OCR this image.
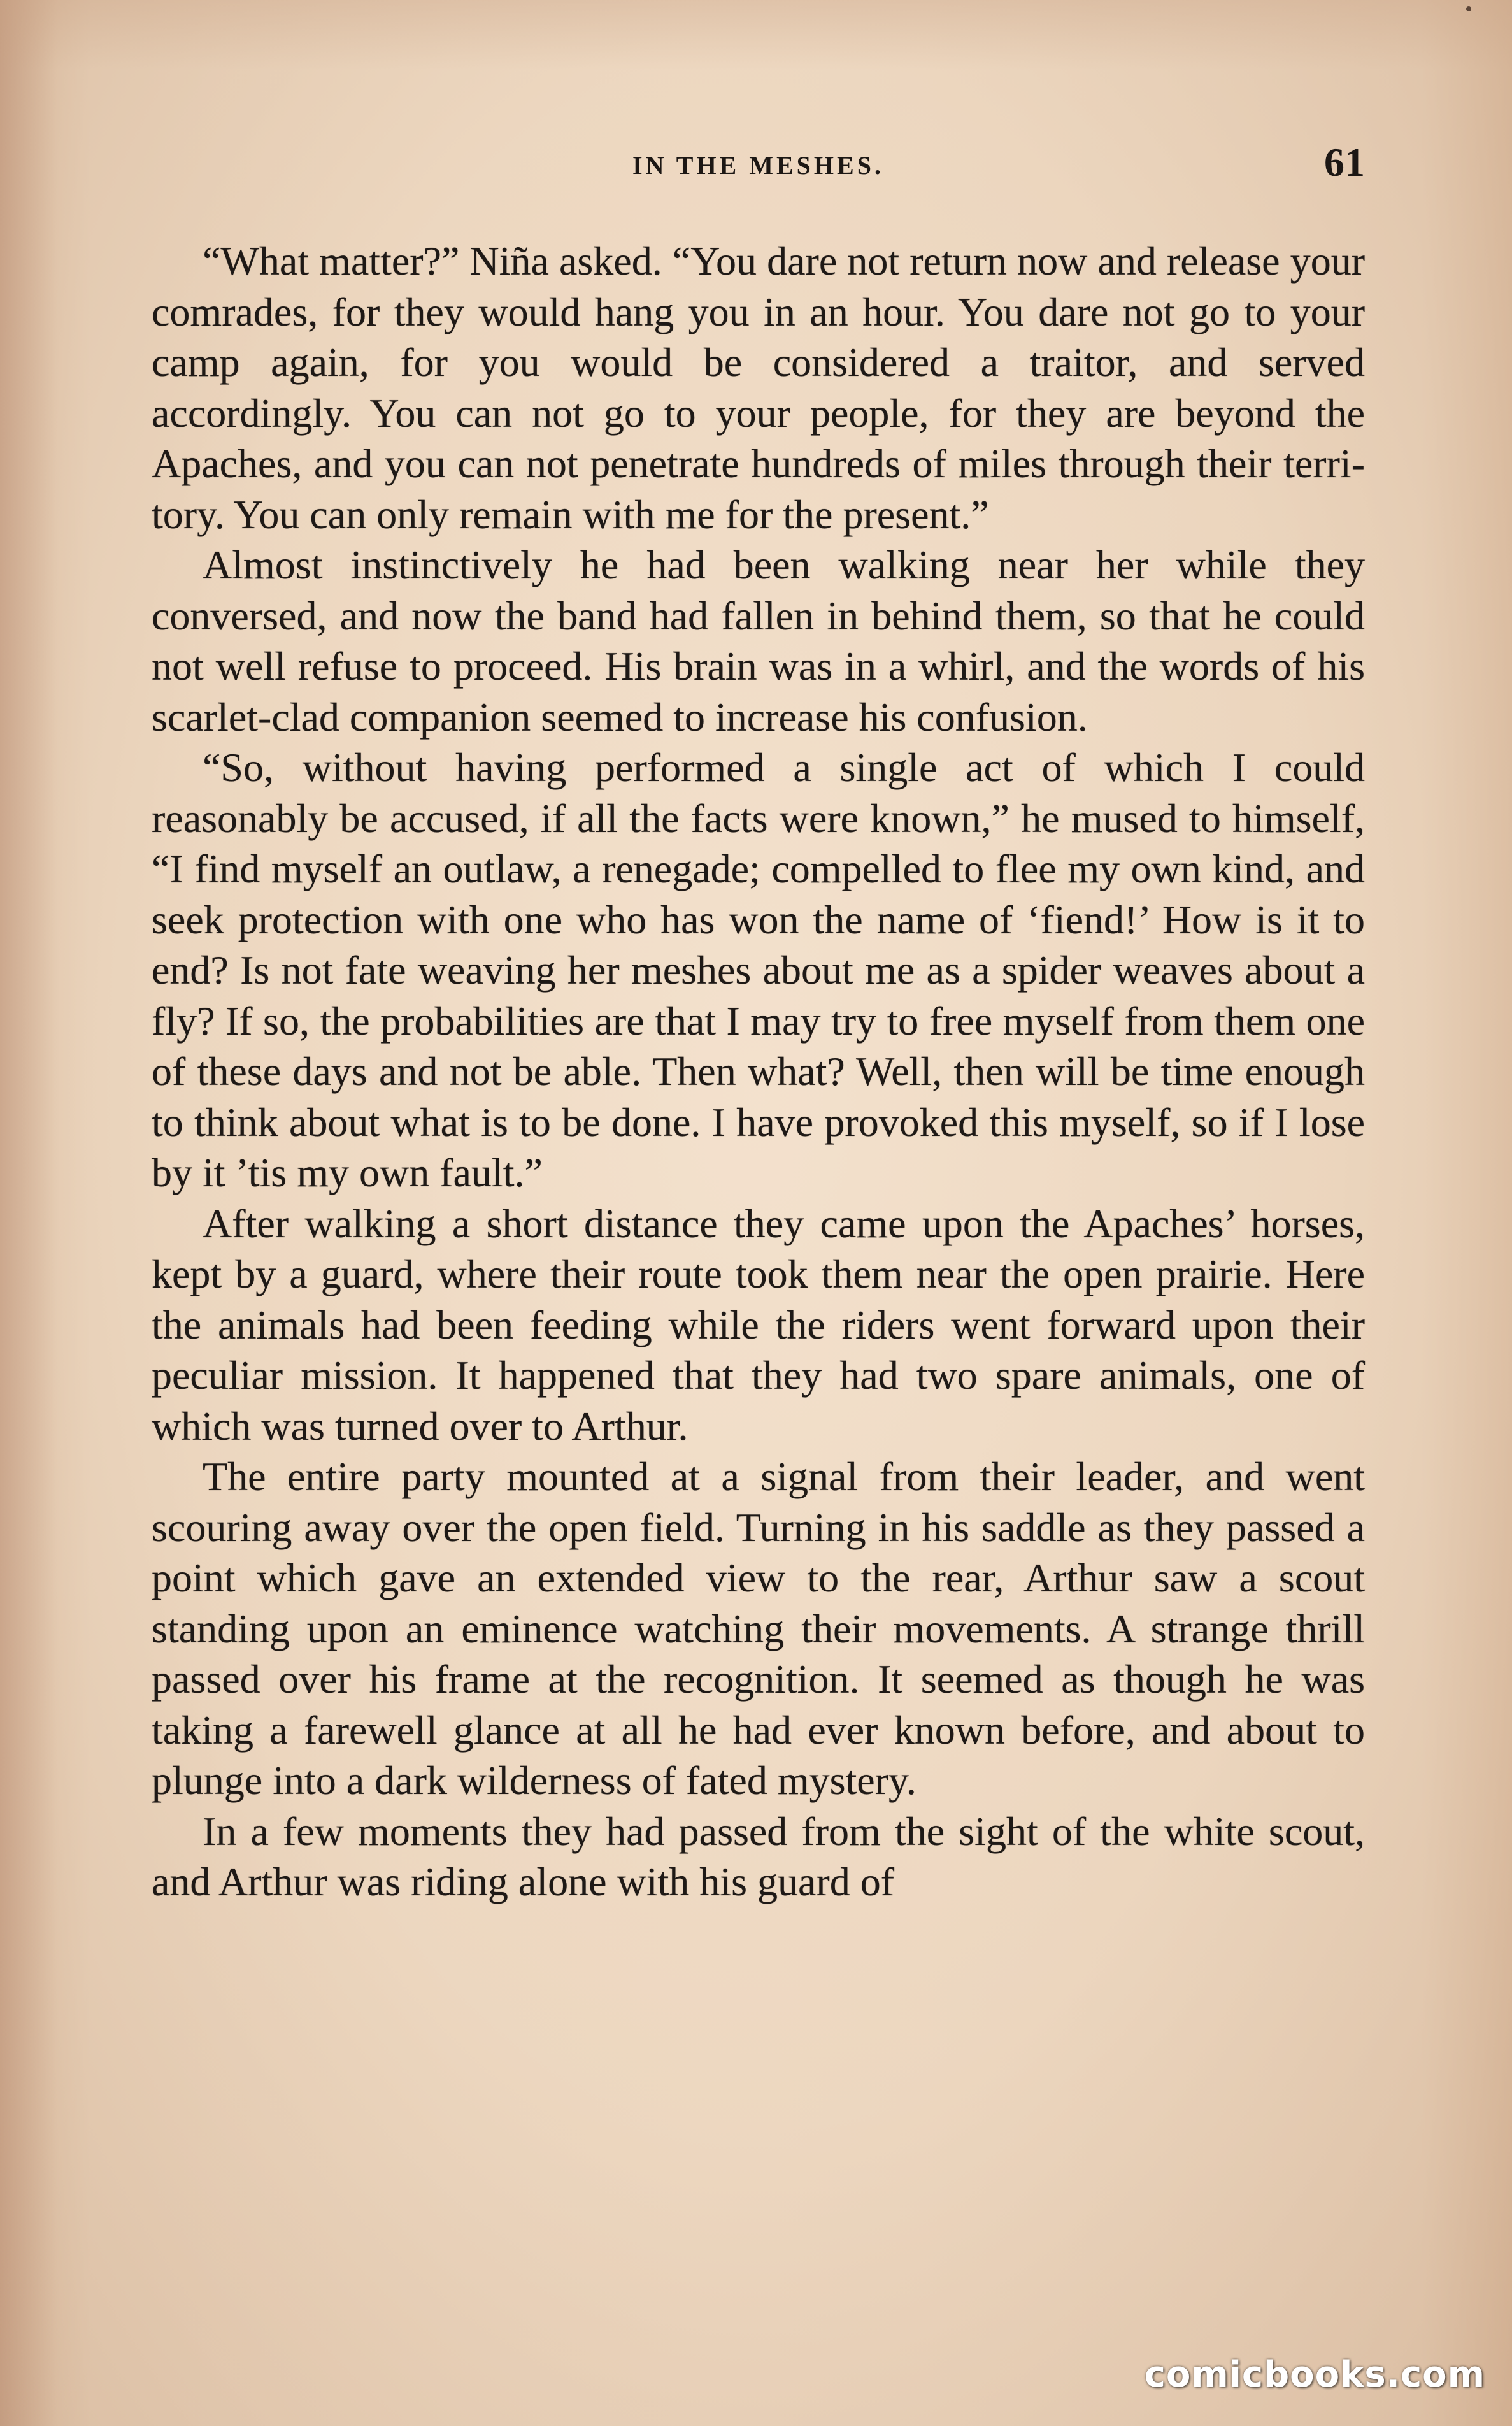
IN THE MESHES.	61

“What matter?” Niña asked. “You dare not return now and release your comrades, for they would hang you in an hour. You dare not go to your camp again, for you would be considered a traitor, and served accordingly. You can not go to your people, for they are beyond the Apaches, and you can not penetrate hundreds of miles through their territory. You can only remain with me for the present.”

Almost instinctively he had been walking near her while they conversed, and now the band had fallen in behind them, so that he could not well refuse to proceed. His brain was in a whirl, and the words of his scarlet-clad companion seemed to increase his confusion.

“So, without having performed a single act of which I could reasonably be accused, if all the facts were known,” he mused to himself, “I find myself an outlaw, a renegade; compelled to flee my own kind, and seek protection with one who has won the name of ‘fiend!’ How is it to end? Is not fate weaving her meshes about me as a spider weaves about a fly? If so, the probabilities are that I may try to free myself from them one of these days and not be able. Then what? Well, then will be time enough to think about what is to be done. I have provoked this myself, so if I lose by it ’tis my own fault.”

After walking a short distance they came upon the Apaches’ horses, kept by a guard, where their route took them near the open prairie. Here the animals had been feeding while the riders went forward upon their peculiar mission. It happened that they had two spare animals, one of which was turned over to Arthur.

The entire party mounted at a signal from their leader, and went scouring away over the open field. Turning in his saddle as they passed a point which gave an extended view to the rear, Arthur saw a scout standing upon an eminence watching their movements. A strange thrill passed over his frame at the recognition. It seemed as though he was taking a farewell glance at all he had ever known before, and about to plunge into a dark wilderness of fated mystery.

In a few moments they had passed from the sight of the white scout, and Arthur was riding alone with his guard of

comicbooks.com
